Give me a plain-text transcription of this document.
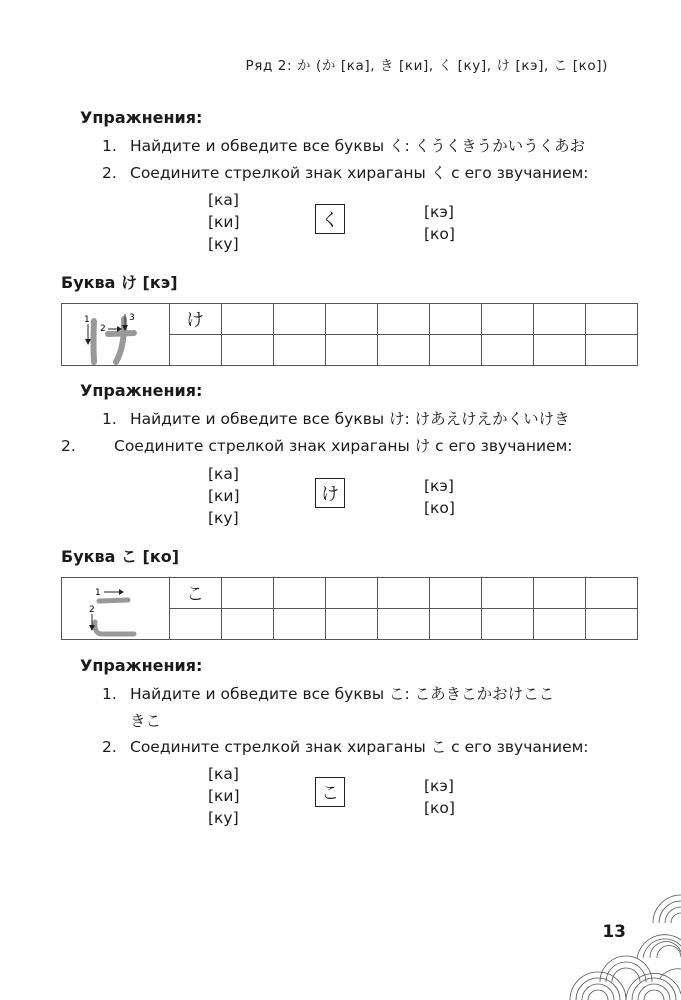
Ряд 2: か (か [ка], き [ки], く [ку], け [кэ], こ [ко])
Упражнения:
1. Найдите и обведите все буквы く: くうくきうかいうくあお
2. Соедините стрелкой знак хираганы く с его звучанием:
[ка]
[ки]
[ку]
く	[кэ]
[ко]
Буква け [кэ]
1
2
3	け								

Упражнения:
1. Найдите и обведите все буквы け: けあえけえかくいけき
2. Соедините стрелкой знак хираганы け с его звучанием:
[ка]
[ки]
[ку]
け	[кэ]
[ко]
Буква こ [ко]
1
2	こ								

Упражнения:
1. Найдите и обведите все буквы こ: こあきこかおけここ
きこ
2. Соедините стрелкой знак хираганы こ с его звучанием:
[ка]
[ки]
[ку]
こ	[кэ]
[ко]
13
